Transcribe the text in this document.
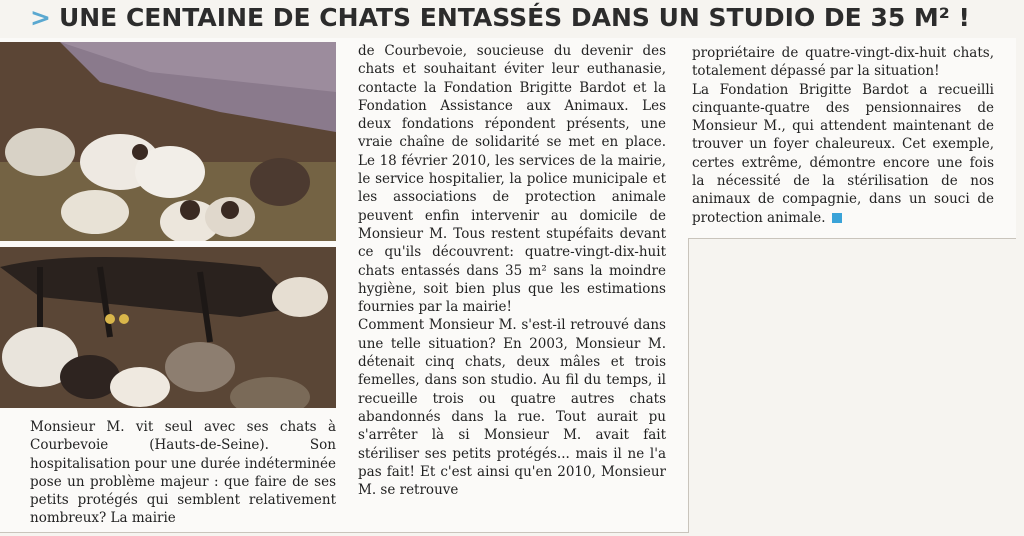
> UNE CENTAINE DE CHATS ENTASSÉS DANS UN STUDIO DE 35 M² !

Monsieur M. vit seul avec ses chats à Courbevoie (Hauts-de-Seine). Son hospitalisation pour une durée indéterminée pose un problème majeur : que faire de ses petits protégés qui semblent relativement nombreux? La mairie

de Courbevoie, soucieuse du devenir des chats et souhaitant éviter leur euthanasie, contacte la Fondation Brigitte Bardot et la Fondation Assistance aux Animaux. Les deux fondations répondent présents, une vraie chaîne de solidarité se met en place. Le 18 février 2010, les services de la mairie, le service hospitalier, la police municipale et les associations de protection animale peuvent enfin intervenir au domicile de Monsieur M. Tous restent stupéfaits devant ce qu'ils découvrent: quatre-vingt-dix-huit chats entassés dans 35 m² sans la moindre hygiène, soit bien plus que les estimations fournies par la mairie!

Comment Monsieur M. s'est-il retrouvé dans une telle situation? En 2003, Monsieur M. détenait cinq chats, deux mâles et trois femelles, dans son studio. Au fil du temps, il recueille trois ou quatre autres chats abandonnés dans la rue. Tout aurait pu s'arrêter là si Monsieur M. avait fait stériliser ses petits protégés... mais il ne l'a pas fait! Et c'est ainsi qu'en 2010, Monsieur M. se retrouve

propriétaire de quatre-vingt-dix-huit chats, totalement dépassé par la situation!

La Fondation Brigitte Bardot a recueilli cinquante-quatre des pensionnaires de Monsieur M., qui attendent maintenant de trouver un foyer chaleureux. Cet exemple, certes extrême, démontre encore une fois la nécessité de la stérilisation de nos animaux de compagnie, dans un souci de protection animale.
